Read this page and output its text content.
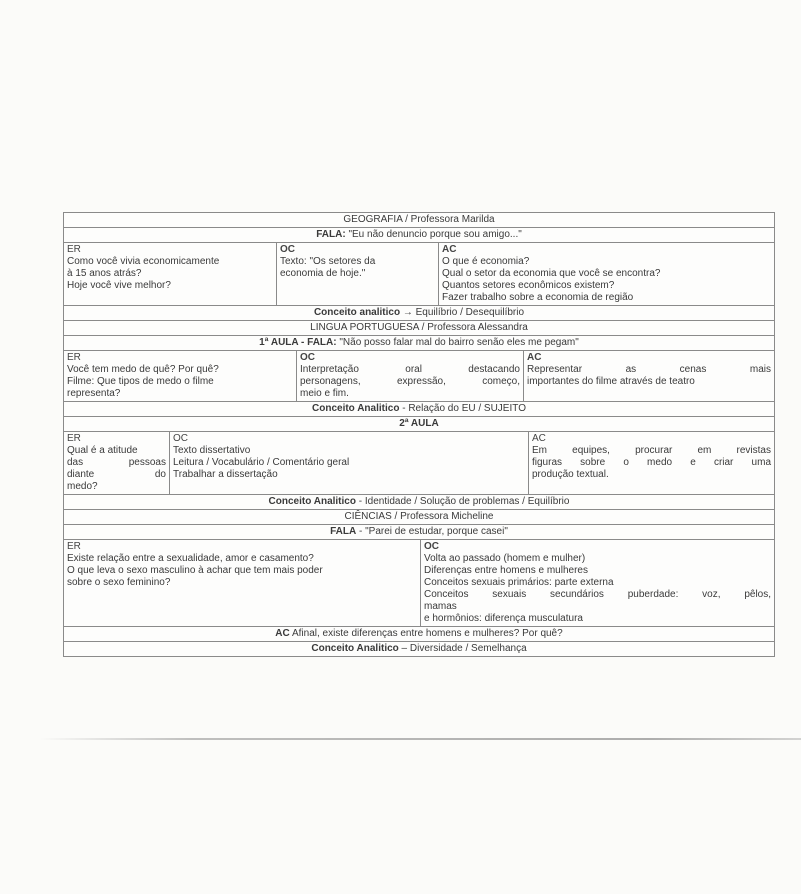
GEOGRAFIA / Professora Marilda
FALA: "Eu não denuncio porque sou amigo..."
ER
Como você vivia economicamente
à 15 anos atrás?
Hoje você vive melhor?
OC
Texto: "Os setores da
economia de hoje."
AC
O que é economia?
Qual o setor da economia que você se encontra?
Quantos setores econômicos existem?
Fazer trabalho sobre a economia de região
Conceito analitico → Equilíbrio / Desequilíbrio
LINGUA PORTUGUESA / Professora Alessandra
1ª AULA - FALA: "Não posso falar mal do bairro senão eles me pegam"
ER
Você tem medo de quê? Por quê?
Filme: Que tipos de medo o filme
representa?
OC
Interpretação oral destacando
personagens, expressão, começo,
meio e fim.
AC
Representar as cenas mais
importantes do filme através de teatro
Conceito Analitico - Relação do EU / SUJEITO
2ª AULA
ER
Qual é a atitude
das pessoas
diante do
medo?
OC
Texto dissertativo
Leitura / Vocabulário / Comentário geral
Trabalhar a dissertação
AC
Em equipes, procurar em revistas
figuras sobre o medo e criar uma
produção textual.
Conceito Analitico - Identidade / Solução de problemas / Equilíbrio
CIÊNCIAS / Professora Micheline
FALA - "Parei de estudar, porque casei"
ER
Existe relação entre a sexualidade, amor e casamento?
O que leva o sexo masculino à achar que tem mais poder
sobre o sexo feminino?
OC
Volta ao passado (homem e mulher)
Diferenças entre homens e mulheres
Conceitos sexuais primários: parte externa
Conceitos sexuais secundários puberdade: voz, pêlos,
mamas
e hormônios: diferença musculatura
AC Afinal, existe diferenças entre homens e mulheres? Por quê?
Conceito Analitico – Diversidade / Semelhança
